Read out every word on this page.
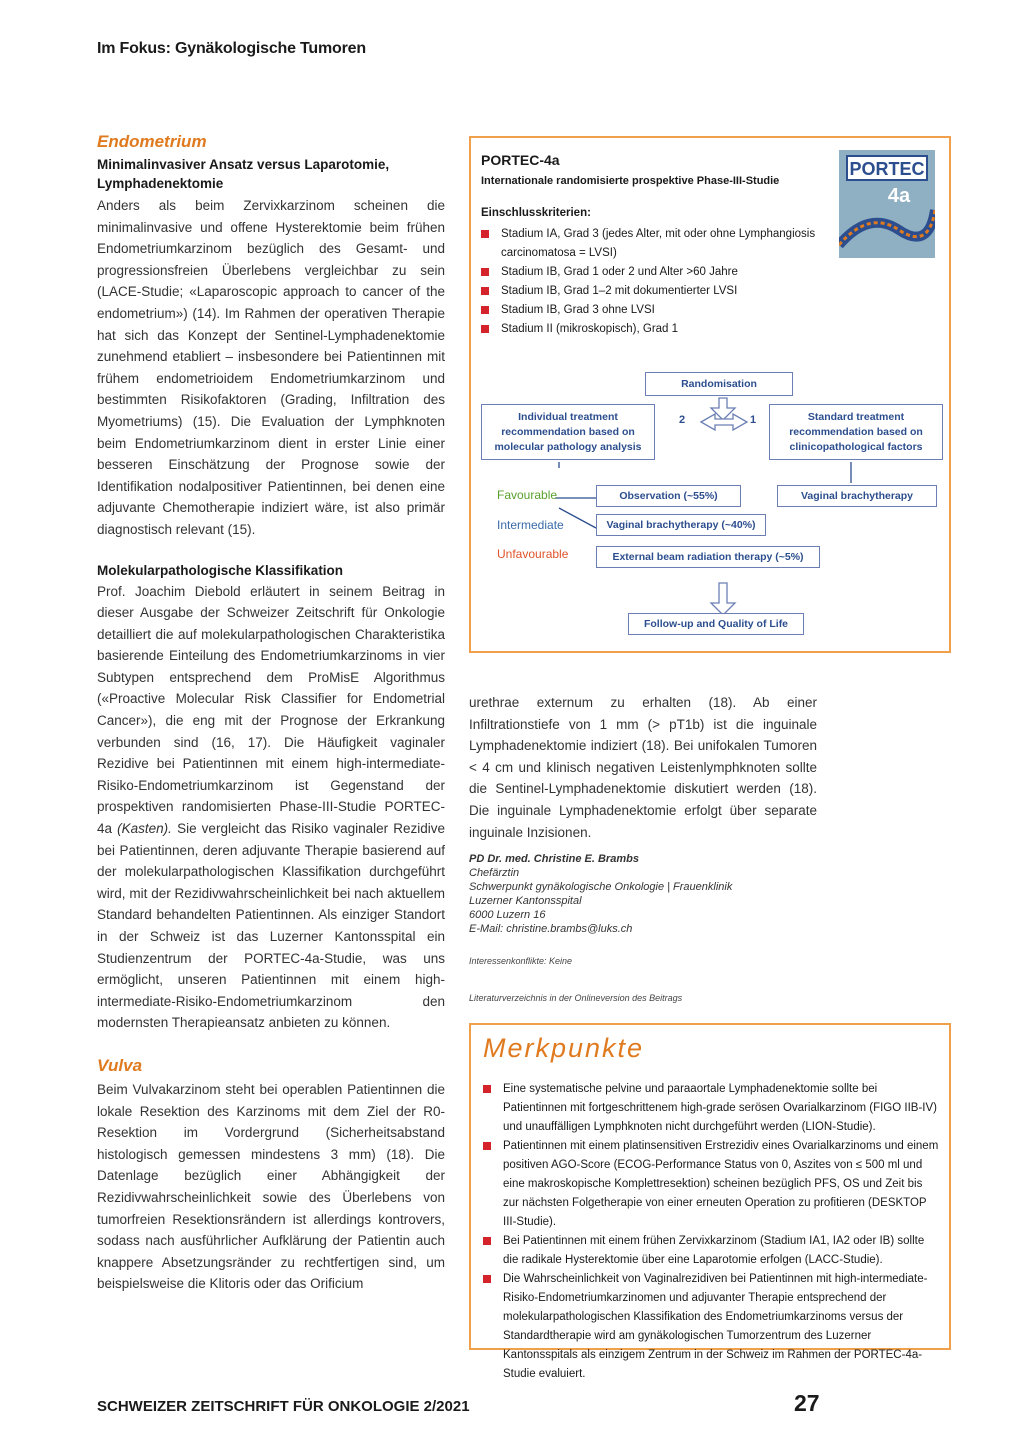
Im Fokus: Gynäkologische Tumoren
Endometrium
Minimalinvasiver Ansatz versus Laparotomie, Lymphadenektomie

Anders als beim Zervixkarzinom scheinen die minimalinvasive und offene Hysterektomie beim frühen Endometriumkarzinom bezüglich des Gesamt- und progressionsfreien Überlebens vergleichbar zu sein (LACE-Studie; «Laparoscopic approach to cancer of the endometrium») (14). Im Rahmen der operativen Therapie hat sich das Konzept der Sentinel-Lymphadenektomie zunehmend etabliert – insbesondere bei Patientinnen mit frühem endometrioidem Endometriumkarzinom und bestimmten Risikofaktoren (Grading, Infiltration des Myometriums) (15). Die Evaluation der Lymphknoten beim Endometriumkarzinom dient in erster Linie einer besseren Einschätzung der Prognose sowie der Identifikation nodalpositiver Patientinnen, bei denen eine adjuvante Chemotherapie indiziert wäre, ist also primär diagnostisch relevant (15).

Molekularpathologische Klassifikation

Prof. Joachim Diebold erläutert in seinem Beitrag in dieser Ausgabe der Schweizer Zeitschrift für Onkologie detailliert die auf molekularpathologischen Charakteristika basierende Einteilung des Endometriumkarzinoms in vier Subtypen entsprechend dem ProMisE Algorithmus («Proactive Molecular Risk Classifier for Endometrial Cancer»), die eng mit der Prognose der Erkrankung verbunden sind (16, 17). Die Häufigkeit vaginaler Rezidive bei Patientinnen mit einem high-intermediate-Risiko-Endometriumkarzinom ist Gegenstand der prospektiven randomisierten Phase-III-Studie PORTEC-4a (Kasten). Sie vergleicht das Risiko vaginaler Rezidive bei Patientinnen, deren adjuvante Therapie basierend auf der molekularpathologischen Klassifikation durchgeführt wird, mit der Rezidivwahrscheinlichkeit bei nach aktuellem Standard behandelten Patientinnen. Als einziger Standort in der Schweiz ist das Luzerner Kantonsspital ein Studienzentrum der PORTEC-4a-Studie, was uns ermöglicht, unseren Patientinnen mit einem high-intermediate-Risiko-Endometriumkarzinom den modernsten Therapieansatz anbieten zu können.

Vulva

Beim Vulvakarzinom steht bei operablen Patientinnen die lokale Resektion des Karzinoms mit dem Ziel der R0-Resektion im Vordergrund (Sicherheitsabstand histologisch gemessen mindestens 3 mm) (18). Die Datenlage bezüglich einer Abhängigkeit der Rezidivwahrscheinlichkeit sowie des Überlebens von tumorfreien Resektionsrändern ist allerdings kontrovers, sodass nach ausführlicher Aufklärung der Patientin auch knappere Absetzungsränder zu rechtfertigen sind, um beispielsweise die Klitoris oder das Orificium

PORTEC-4a
Internationale randomisierte prospektive Phase-III-Studie
Einschlusskriterien:
Stadium IA, Grad 3 (jedes Alter, mit oder ohne Lymphangiosis carcinomatosa = LVSI)
Stadium IB, Grad 1 oder 2 und Alter >60 Jahre
Stadium IB, Grad 1–2 mit dokumentierter LVSI
Stadium IB, Grad 3 ohne LVSI
Stadium II (mikroskopisch), Grad 1
PORTEC
4a
Randomisation
2	1
Individual treatment recommendation based on molecular pathology analysis
Standard treatment recommendation based on clinicopathological factors
Favourable
Intermediate
Unfavourable
Observation (~55%)
Vaginal brachytherapy (~40%)
External beam radiation therapy (~5%)
Vaginal brachytherapy
Follow-up and Quality of Life

urethrae externum zu erhalten (18). Ab einer Infiltrationstiefe von 1 mm (> pT1b) ist die inguinale Lymphadenektomie indiziert (18). Bei unifokalen Tumoren < 4 cm und klinisch negativen Leistenlymphknoten sollte die Sentinel-Lymphadenektomie diskutiert werden (18). Die inguinale Lymphadenektomie erfolgt über separate inguinale Inzisionen.

PD Dr. med. Christine E. Brambs
Chefärztin
Schwerpunkt gynäkologische Onkologie | Frauenklinik
Luzerner Kantonsspital
6000 Luzern 16
E-Mail: christine.brambs@luks.ch
Interessenkonflikte: Keine
Literaturverzeichnis in der Onlineversion des Beitrags
Merkpunkte
Eine systematische pelvine und paraaortale Lymphadenektomie sollte bei Patientinnen mit fortgeschrittenem high-grade serösen Ovarialkarzinom (FIGO IIB-IV) und unauffälligen Lymphknoten nicht durchgeführt werden (LION-Studie).
Patientinnen mit einem platinsensitiven Erstrezidiv eines Ovarialkarzinoms und einem positiven AGO-Score (ECOG-Performance Status von 0, Aszites von ≤ 500 ml und eine makroskopische Komplettresektion) scheinen bezüglich PFS, OS und Zeit bis zur nächsten Folgetherapie von einer erneuten Operation zu profitieren (DESKTOP III-Studie).
Bei Patientinnen mit einem frühen Zervixkarzinom (Stadium IA1, IA2 oder IB) sollte die radikale Hysterektomie über eine Laparotomie erfolgen (LACC-Studie).
Die Wahrscheinlichkeit von Vaginalrezidiven bei Patientinnen mit high-intermediate-Risiko-Endometriumkarzinomen und adjuvanter Therapie entsprechend der molekularpathologischen Klassifikation des Endometriumkarzinoms versus der Standardtherapie wird am gynäkologischen Tumorzentrum des Luzerner Kantonsspitals als einzigem Zentrum in der Schweiz im Rahmen der PORTEC-4a-Studie evaluiert.
SCHWEIZER ZEITSCHRIFT FÜR ONKOLOGIE 2/2021	27
